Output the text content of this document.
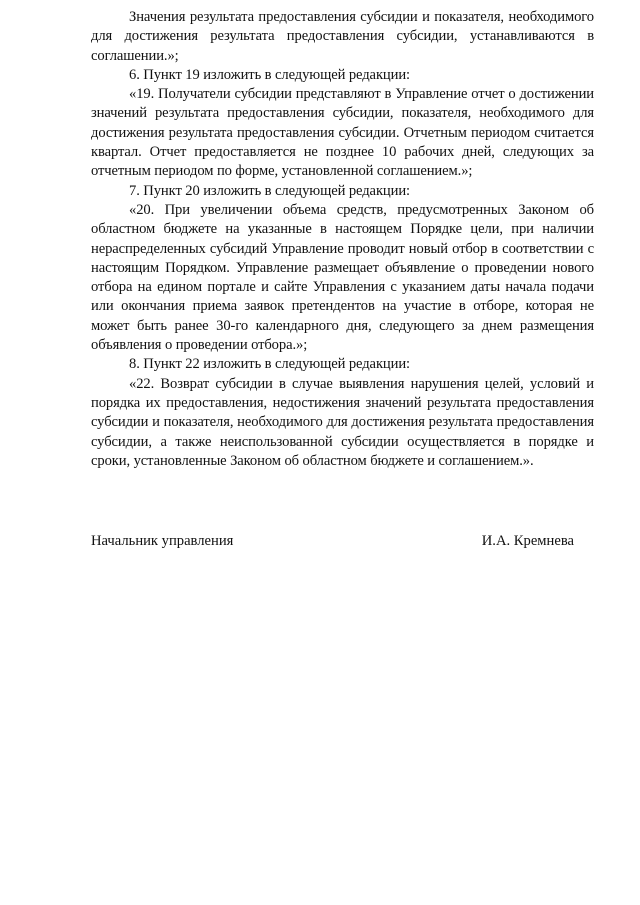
Значения результата предоставления субсидии и показателя, необходимого для достижения результата предоставления субсидии, устанавливаются в соглашении.»;

6. Пункт 19 изложить в следующей редакции:

«19. Получатели субсидии представляют в Управление отчет о достижении значений результата предоставления субсидии, показателя, необходимого для достижения результата предоставления субсидии. Отчетным периодом считается квартал. Отчет предоставляется не позднее 10 рабочих дней, следующих за отчетным периодом по форме, установленной соглашением.»;

7. Пункт 20 изложить в следующей редакции:

«20. При увеличении объема средств, предусмотренных Законом об областном бюджете на указанные в настоящем Порядке цели, при наличии нераспределенных субсидий Управление проводит новый отбор в соответствии с настоящим Порядком. Управление размещает объявление о проведении нового отбора на едином портале и сайте Управления с указанием даты начала подачи или окончания приема заявок претендентов на участие в отборе, которая не может быть ранее 30-го календарного дня, следующего за днем размещения объявления о проведении отбора.»;

8. Пункт 22 изложить в следующей редакции:

«22. Возврат субсидии в случае выявления нарушения целей, условий и порядка их предоставления, недостижения значений результата предоставления субсидии и показателя, необходимого для достижения результата предоставления субсидии, а также неиспользованной субсидии осуществляется в порядке и сроки, установленные Законом об областном бюджете и соглашением.».

Начальник управления	И.А. Кремнева
